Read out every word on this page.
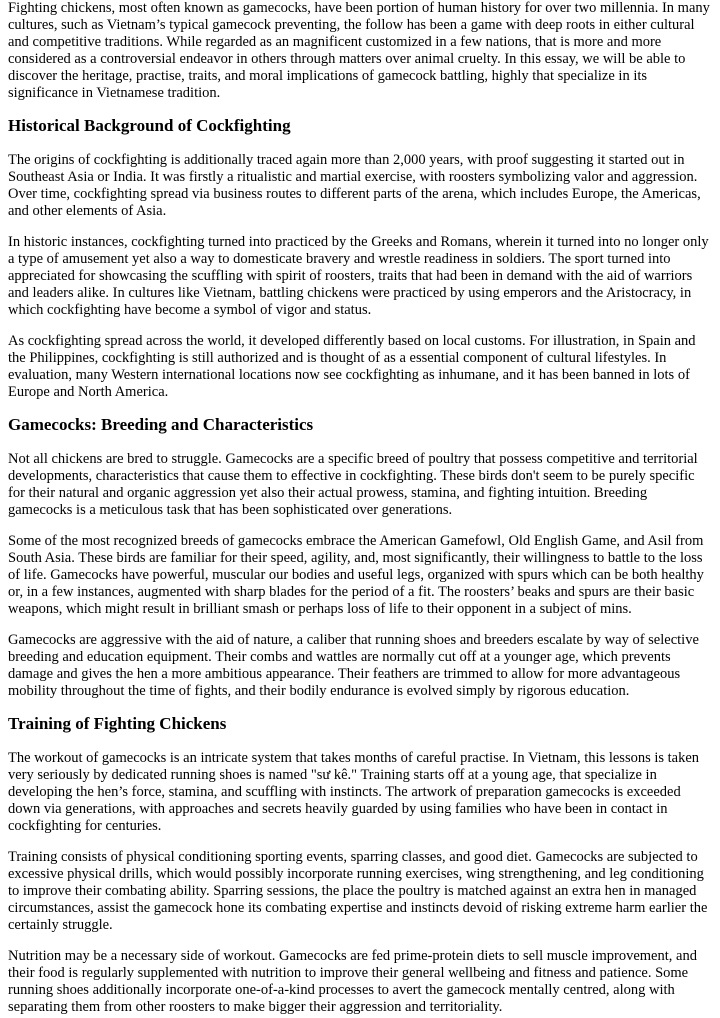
Fighting chickens, most often known as gamecocks, have been portion of human history for over two millennia. In many cultures, such as Vietnam’s typical gamecock preventing, the follow has been a game with deep roots in either cultural and competitive traditions. While regarded as an magnificent customized in a few nations, that is more and more considered as a controversial endeavor in others through matters over animal cruelty. In this essay, we will be able to discover the heritage, practise, traits, and moral implications of gamecock battling, highly that specialize in its significance in Vietnamese tradition.

Historical Background of Cockfighting

The origins of cockfighting is additionally traced again more than 2,000 years, with proof suggesting it started out in Southeast Asia or India. It was firstly a ritualistic and martial exercise, with roosters symbolizing valor and aggression. Over time, cockfighting spread via business routes to different parts of the arena, which includes Europe, the Americas, and other elements of Asia.

In historic instances, cockfighting turned into practiced by the Greeks and Romans, wherein it turned into no longer only a type of amusement yet also a way to domesticate bravery and wrestle readiness in soldiers. The sport turned into appreciated for showcasing the scuffling with spirit of roosters, traits that had been in demand with the aid of warriors and leaders alike. In cultures like Vietnam, battling chickens were practiced by using emperors and the Aristocracy, in which cockfighting have become a symbol of vigor and status.

As cockfighting spread across the world, it developed differently based on local customs. For illustration, in Spain and the Philippines, cockfighting is still authorized and is thought of as a essential component of cultural lifestyles. In evaluation, many Western international locations now see cockfighting as inhumane, and it has been banned in lots of Europe and North America.

Gamecocks: Breeding and Characteristics

Not all chickens are bred to struggle. Gamecocks are a specific breed of poultry that possess competitive and territorial developments, characteristics that cause them to effective in cockfighting. These birds don't seem to be purely specific for their natural and organic aggression yet also their actual prowess, stamina, and fighting intuition. Breeding gamecocks is a meticulous task that has been sophisticated over generations.

Some of the most recognized breeds of gamecocks embrace the American Gamefowl, Old English Game, and Asil from South Asia. These birds are familiar for their speed, agility, and, most significantly, their willingness to battle to the loss of life. Gamecocks have powerful, muscular our bodies and useful legs, organized with spurs which can be both healthy or, in a few instances, augmented with sharp blades for the period of a fit. The roosters’ beaks and spurs are their basic weapons, which might result in brilliant smash or perhaps loss of life to their opponent in a subject of mins.

Gamecocks are aggressive with the aid of nature, a caliber that running shoes and breeders escalate by way of selective breeding and education equipment. Their combs and wattles are normally cut off at a younger age, which prevents damage and gives the hen a more ambitious appearance. Their feathers are trimmed to allow for more advantageous mobility throughout the time of fights, and their bodily endurance is evolved simply by rigorous education.

Training of Fighting Chickens

The workout of gamecocks is an intricate system that takes months of careful practise. In Vietnam, this lessons is taken very seriously by dedicated running shoes is named "sư kê." Training starts off at a young age, that specialize in developing the hen’s force, stamina, and scuffling with instincts. The artwork of preparation gamecocks is exceeded down via generations, with approaches and secrets heavily guarded by using families who have been in contact in cockfighting for centuries.

Training consists of physical conditioning sporting events, sparring classes, and good diet. Gamecocks are subjected to excessive physical drills, which would possibly incorporate running exercises, wing strengthening, and leg conditioning to improve their combating ability. Sparring sessions, the place the poultry is matched against an extra hen in managed circumstances, assist the gamecock hone its combating expertise and instincts devoid of risking extreme harm earlier the certainly struggle.

Nutrition may be a necessary side of workout. Gamecocks are fed prime-protein diets to sell muscle improvement, and their food is regularly supplemented with nutrition to improve their general wellbeing and fitness and patience. Some running shoes additionally incorporate one-of-a-kind processes to avert the gamecock mentally centred, along with separating them from other roosters to make bigger their aggression and territoriality.
